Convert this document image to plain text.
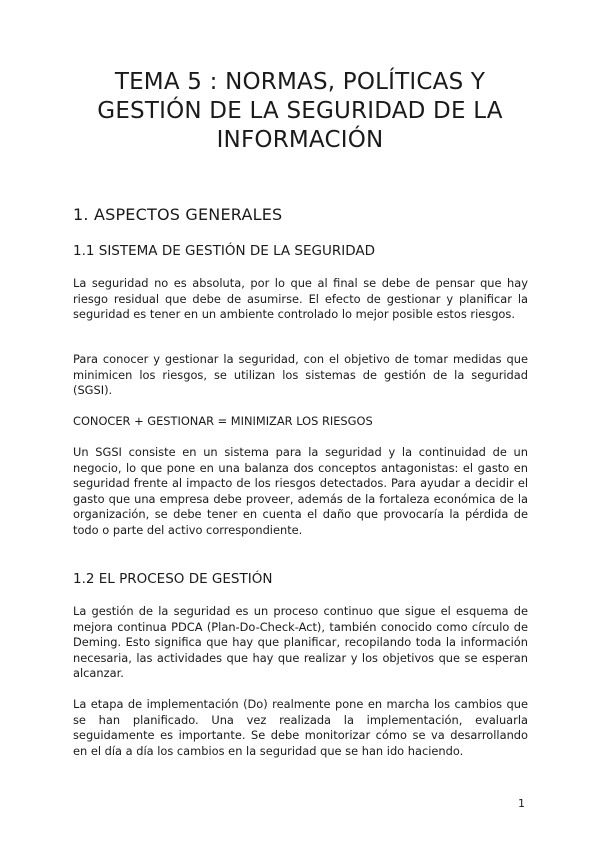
TEMA 5 : NORMAS, POLÍTICAS Y
GESTIÓN DE LA SEGURIDAD DE LA
INFORMACIÓN
1. ASPECTOS GENERALES
1.1 SISTEMA DE GESTIÓN DE LA SEGURIDAD

La seguridad no es absoluta, por lo que al final se debe de pensar que hay riesgo residual que debe de asumirse. El efecto de gestionar y planificar la seguridad es tener en un ambiente controlado lo mejor posible estos riesgos.

Para conocer y gestionar la seguridad, con el objetivo de tomar medidas que minimicen los riesgos, se utilizan los sistemas de gestión de la seguridad (SGSI).

CONOCER + GESTIONAR = MINIMIZAR LOS RIESGOS

Un SGSI consiste en un sistema para la seguridad y la continuidad de un negocio, lo que pone en una balanza dos conceptos antagonistas: el gasto en seguridad frente al impacto de los riesgos detectados. Para ayudar a decidir el gasto que una empresa debe proveer, además de la fortaleza económica de la organización, se debe tener en cuenta el daño que provocaría la pérdida de todo o parte del activo correspondiente.

1.2 EL PROCESO DE GESTIÓN

La gestión de la seguridad es un proceso continuo que sigue el esquema de mejora continua PDCA (Plan-Do-Check-Act), también conocido como círculo de Deming. Esto significa que hay que planificar, recopilando toda la información necesaria, las actividades que hay que realizar y los objetivos que se esperan alcanzar.

La etapa de implementación (Do) realmente pone en marcha los cambios que se han planificado. Una vez realizada la implementación, evaluarla seguidamente es importante. Se debe monitorizar cómo se va desarrollando en el día a día los cambios en la seguridad que se han ido haciendo.

1
